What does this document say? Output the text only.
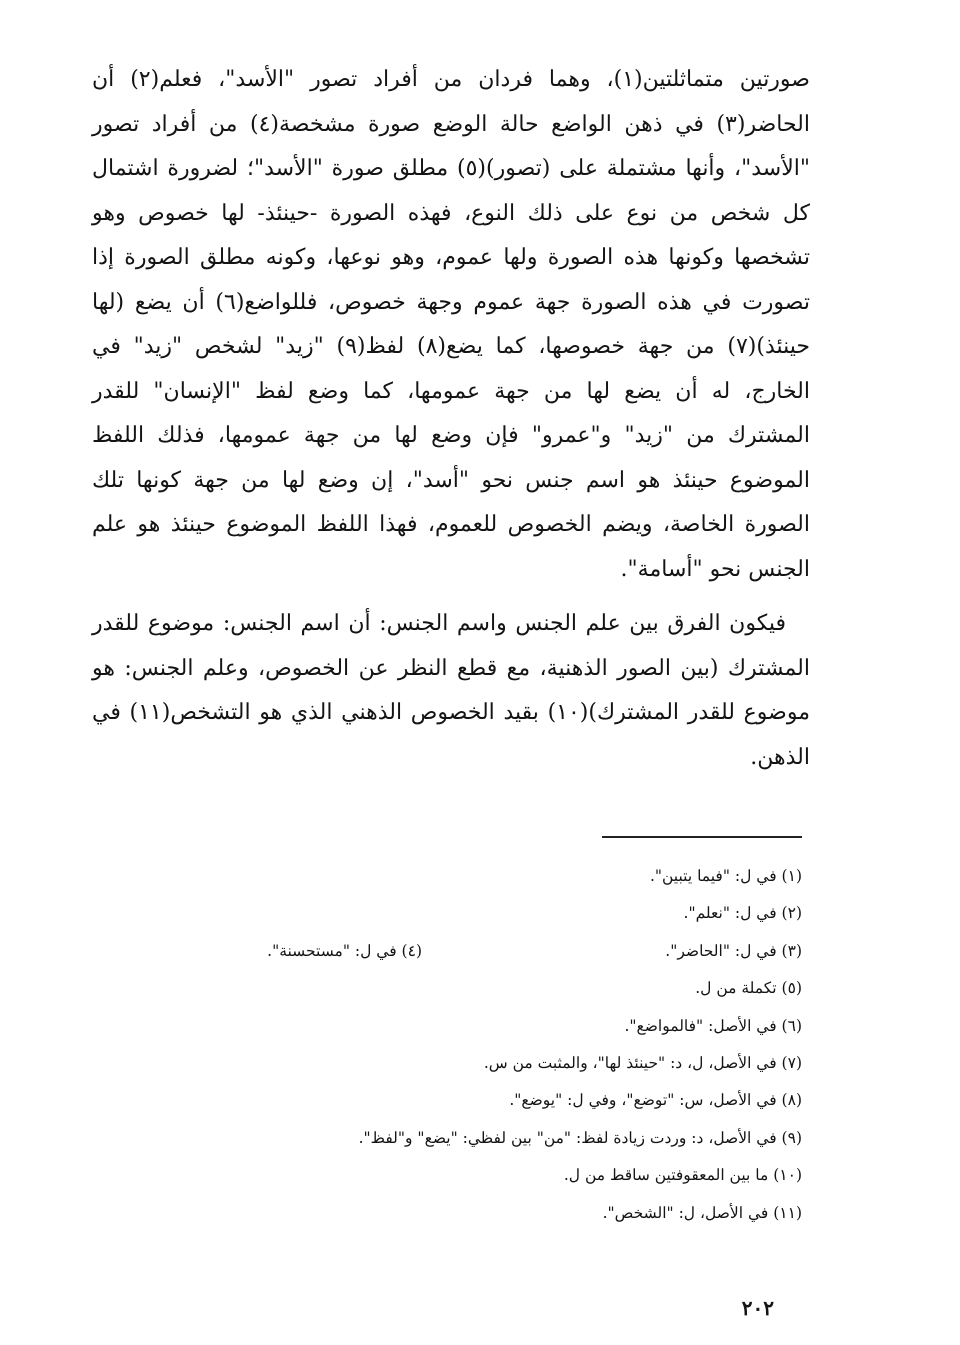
صورتين متماثلتين(١)، وهما فردان من أفراد تصور "الأسد"، فعلم(٢) أن الحاضر(٣) في ذهن الواضع حالة الوضع صورة مشخصة(٤) من أفراد تصور "الأسد"، وأنها مشتملة على (تصور)(٥) مطلق صورة "الأسد"؛ لضرورة اشتمال كل شخص من نوع على ذلك النوع، فهذه الصورة -حينئذ- لها خصوص وهو تشخصها وكونها هذه الصورة ولها عموم، وهو نوعها، وكونه مطلق الصورة إذا تصورت في هذه الصورة جهة عموم وجهة خصوص، فللواضع(٦) أن يضع (لها حينئذ)(٧) من جهة خصوصها، كما يضع(٨) لفظ(٩) "زيد" لشخص "زيد" في الخارج، له أن يضع لها من جهة عمومها، كما وضع لفظ "الإنسان" للقدر المشترك من "زيد" و"عمرو" فإن وضع لها من جهة عمومها، فذلك اللفظ الموضوع حينئذ هو اسم جنس نحو "أسد"، إن وضع لها من جهة كونها تلك الصورة الخاصة، ويضم الخصوص للعموم، فهذا اللفظ الموضوع حينئذ هو علم الجنس نحو "أسامة".

فيكون الفرق بين علم الجنس واسم الجنس: أن اسم الجنس: موضوع للقدر المشترك (بين الصور الذهنية، مع قطع النظر عن الخصوص، وعلم الجنس: هو موضوع للقدر المشترك)(١٠) بقيد الخصوص الذهني الذي هو التشخص(١١) في الذهن.

(١) في ل: "فيما يتبين".
(٢) في ل: "نعلم".
(٣) في ل: "الحاضر".
(٤) في ل: "مستحسنة".
(٥) تكملة من ل.
(٦) في الأصل: "فالمواضع".
(٧) في الأصل، ل، د: "حينئذ لها"، والمثبت من س.
(٨) في الأصل، س: "توضع"، وفي ل: "يوضع".
(٩) في الأصل، د: وردت زيادة لفظ: "من" بين لفظي: "يضع" و"لفظ".
(١٠) ما بين المعقوفتين ساقط من ل.
(١١) في الأصل، ل: "الشخص".
٢٠٢
